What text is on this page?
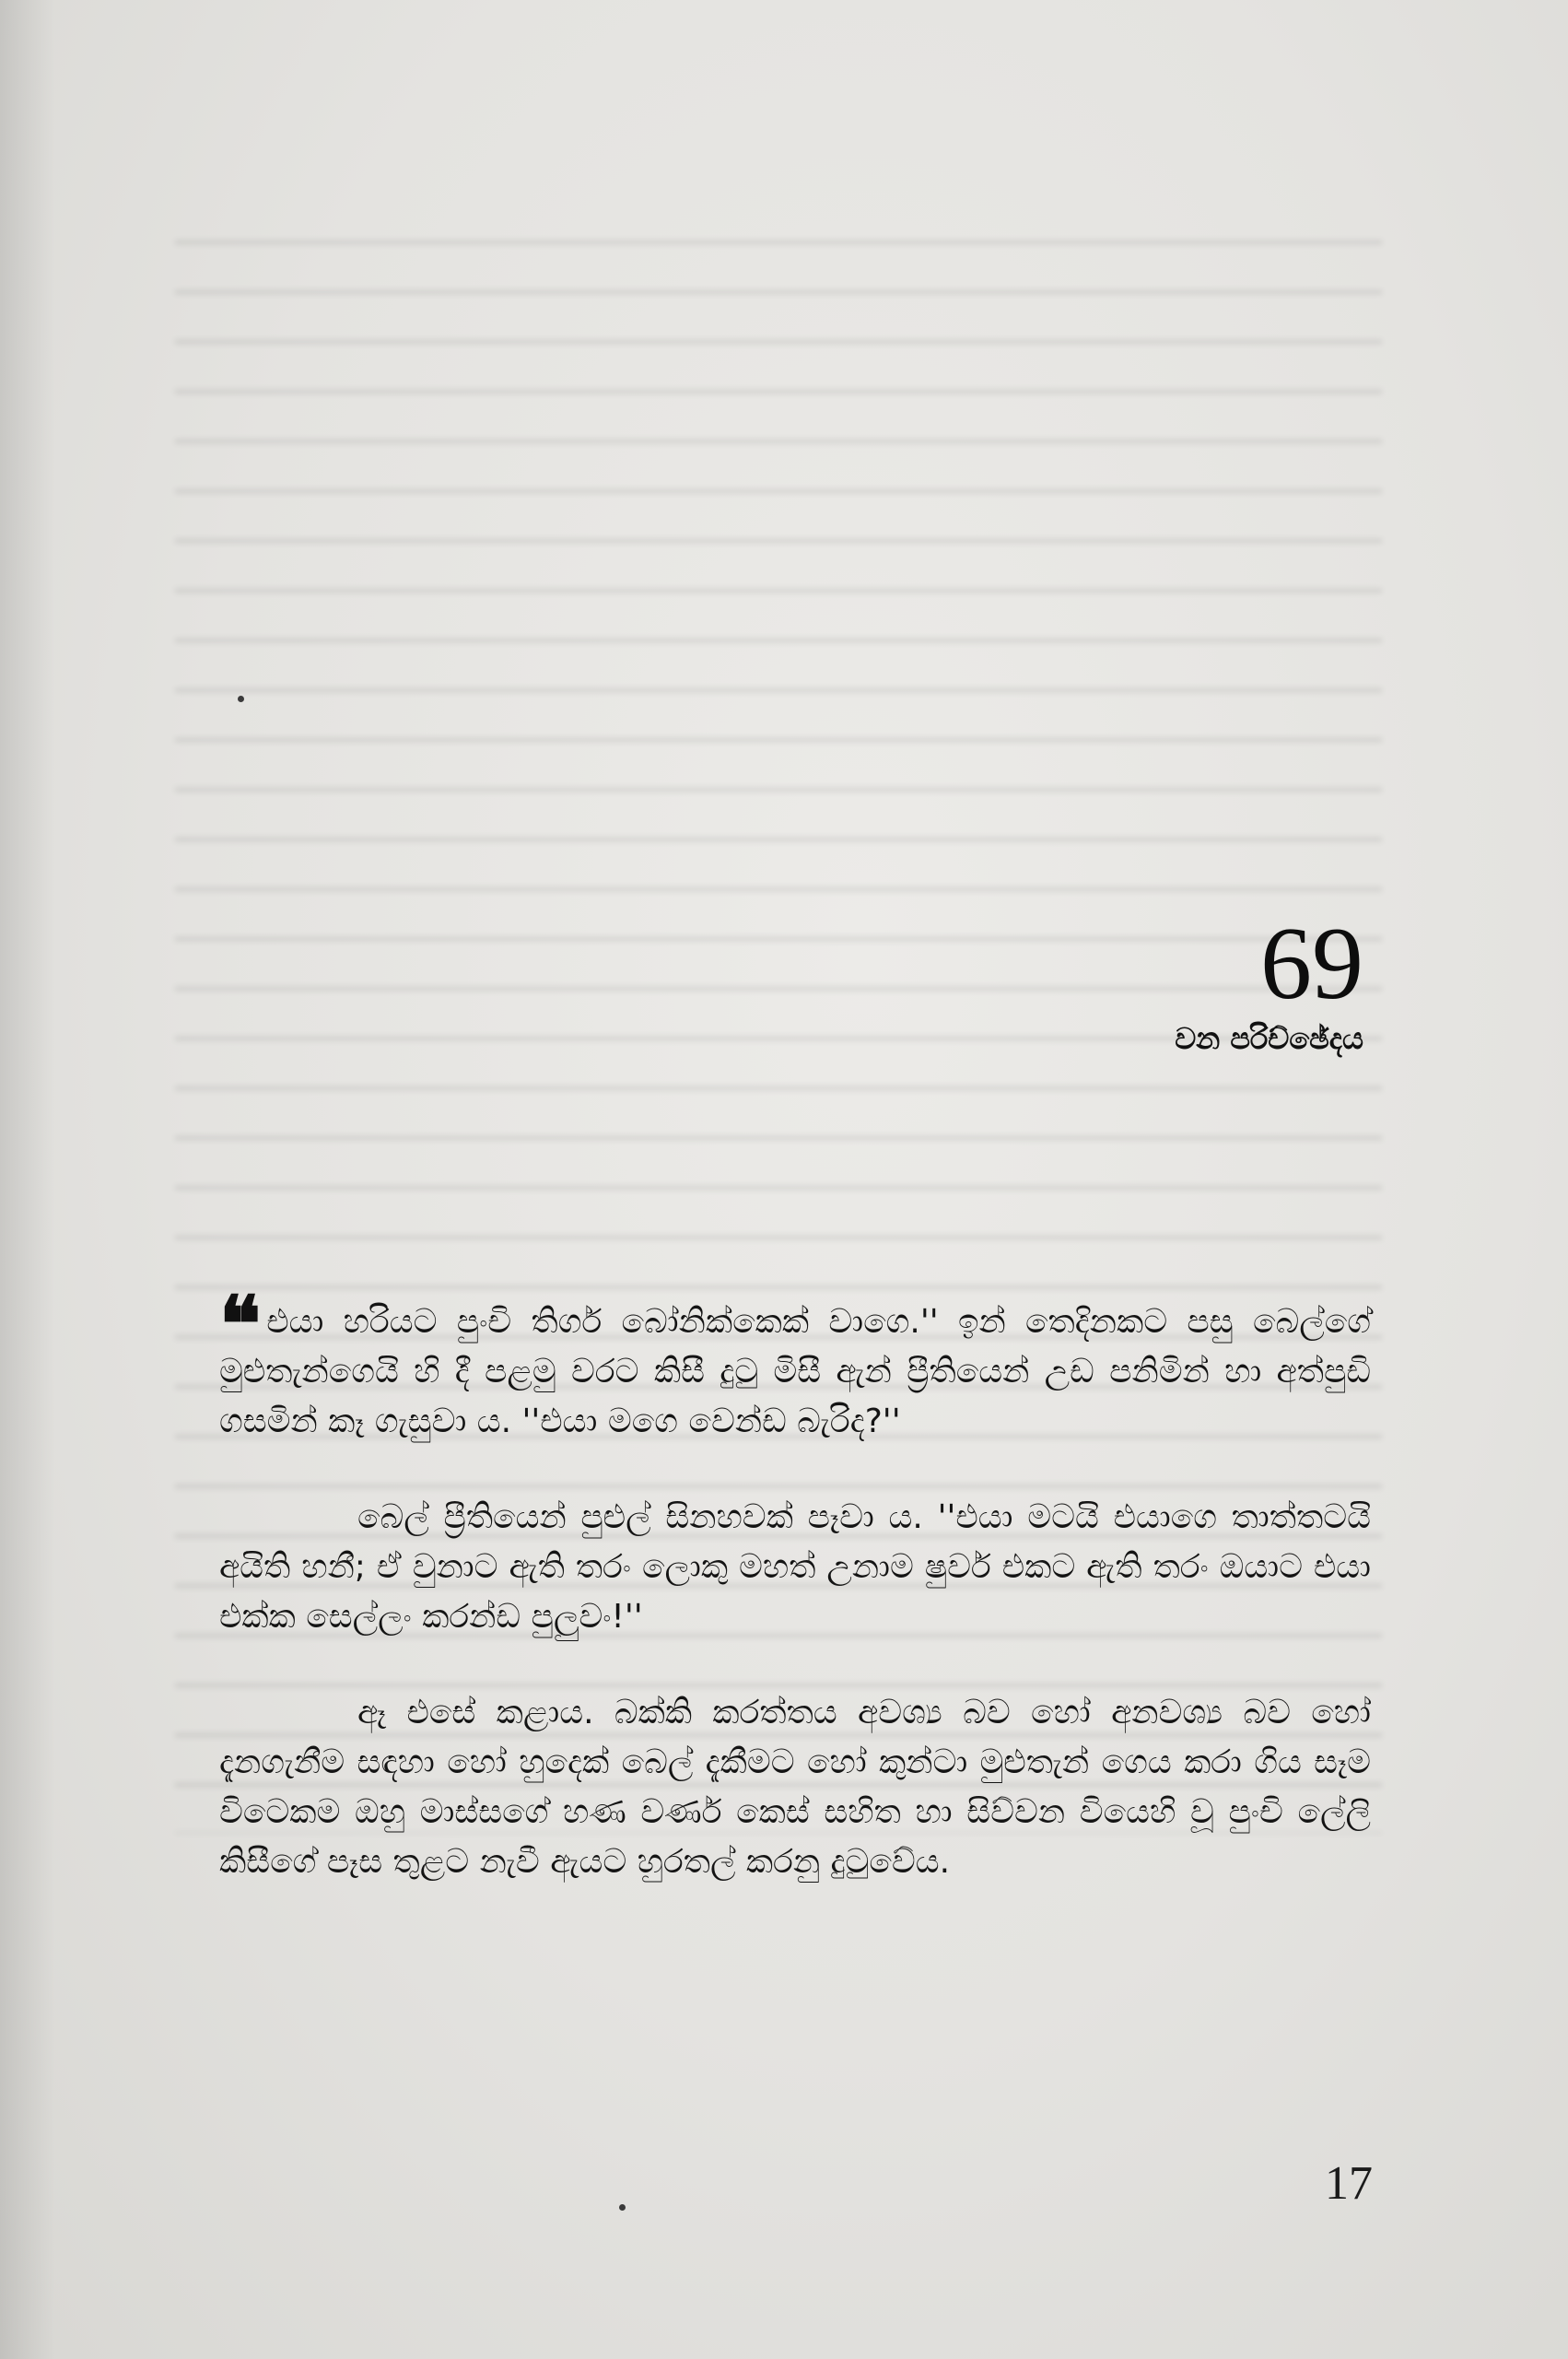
69
වන පරිච්ඡේදය

❝ එයා හරියට පුංචි තිගර් බෝනික්කෙක් වාගෙ.'' ඉන් තෙදිනකට පසු බෙල්ගේ මුළුතැන්ගෙයි හි දී පළමු වරට කිසී දුටු මිසී ඇන් ප්‍රීතියෙන් උඩ පනිමින් හා අත්පුඩි ගසමින් කෑ ගැසුවා ය. ''එයා මගෙ වෙන්ඩ බැරිද?''

බෙල් ප්‍රීතියෙන් පුළුල් සිනහවක් පෑවා ය. ''එයා මටයි එයාගෙ තාත්තටයි අයිති හනී; ඒ වුනාට ඇති තරං ලොකු මහත් උනාම ෂුවර් එකට ඇති තරං ඔයාට එයා එක්ක සෙල්ලං කරන්ඩ පුලුවං!''

ඈ එසේ කළාය. බක්කි කරත්තය අවශ්‍ය බව හෝ අනවශ්‍ය බව හෝ දැනගැනීම සඳහා හෝ හුදෙක් බෙල් දැකීමට හෝ කුන්ටා මුළුතැන් ගෙය කරා ගිය සෑම විටෙකම ඔහු මාස්සගේ හණ වර්ණ කෙස් සහිත හා සිව්වන වියෙහි වූ පුංචි ලේලි කිසීගේ පෑස තුළට නැවී ඇයට හුරතල් කරනු දුටුවේය.

17
